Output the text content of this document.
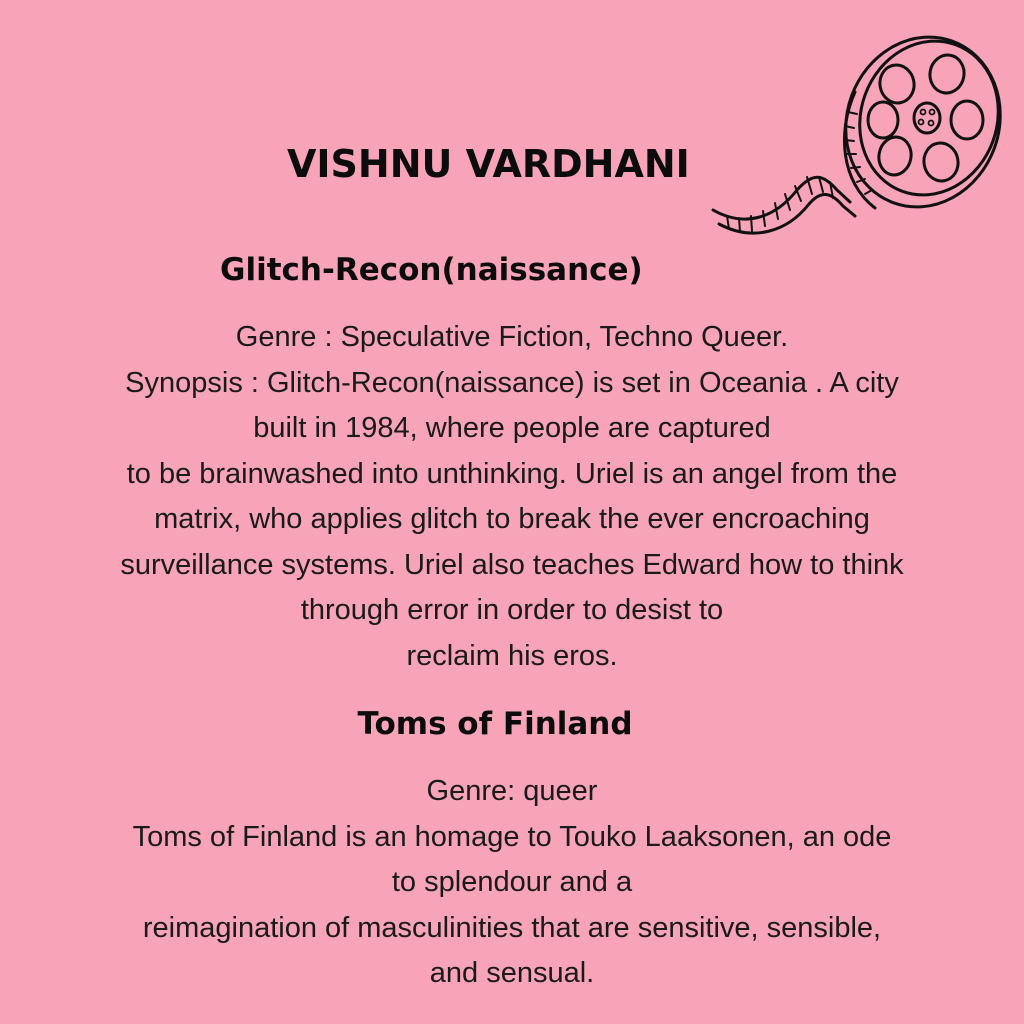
VISHNU VARDHANI
Glitch-Recon(naissance)
Genre : Speculative Fiction, Techno Queer.
Synopsis : Glitch-Recon(naissance) is set in Oceania . A city
built in 1984, where people are captured
to be brainwashed into unthinking. Uriel is an angel from the
matrix, who applies glitch to break the ever encroaching
surveillance systems. Uriel also teaches Edward how to think
through error in order to desist to
reclaim his eros.
Toms of Finland
Genre: queer
Toms of Finland is an homage to Touko Laaksonen, an ode
to splendour and a
reimagination of masculinities that are sensitive, sensible,
and sensual.
